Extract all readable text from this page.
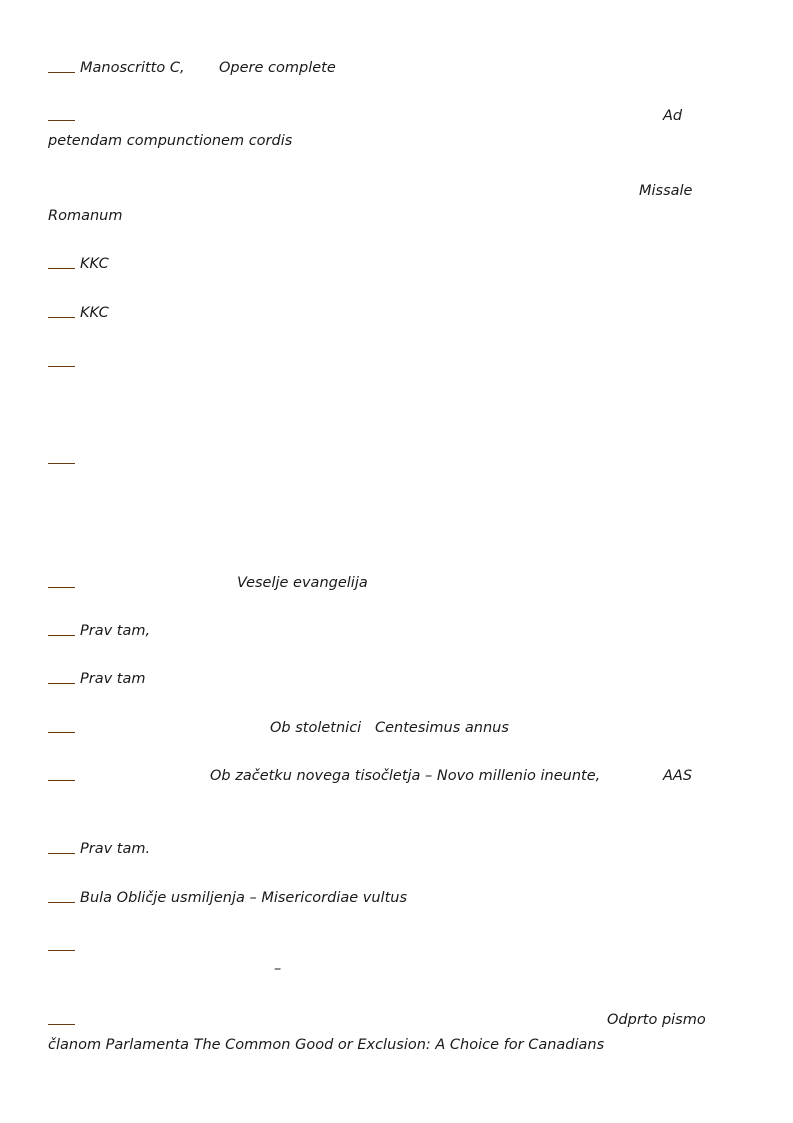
Manoscritto C, Opere complete
Ad
petendam compunctionem cordis
Missale
Romanum
KKC
KKC
Veselje evangelija
Prav tam,
Prav tam
Ob stoletnici Centesimus annus
Ob začetku novega tisočletja – Novo millenio ineunte,	AAS
Prav tam.
Bula Obličje usmiljenja – Misericordiae vultus
–
Odprto pismo
članom Parlamenta The Common Good or Exclusion: A Choice for Canadians
